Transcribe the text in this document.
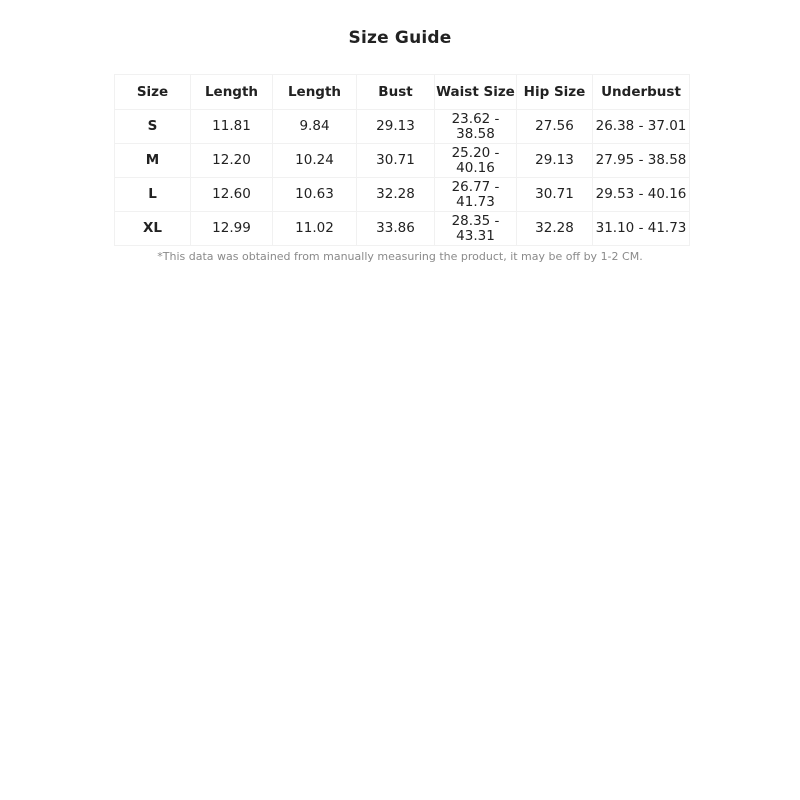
Size Guide
Size	Length	Length	Bust	Waist Size	Hip Size	Underbust
S	11.81	9.84	29.13	23.62 - 38.58	27.56	26.38 - 37.01
M	12.20	10.24	30.71	25.20 - 40.16	29.13	27.95 - 38.58
L	12.60	10.63	32.28	26.77 - 41.73	30.71	29.53 - 40.16
XL	12.99	11.02	33.86	28.35 - 43.31	32.28	31.10 - 41.73
*This data was obtained from manually measuring the product, it may be off by 1-2 CM.
